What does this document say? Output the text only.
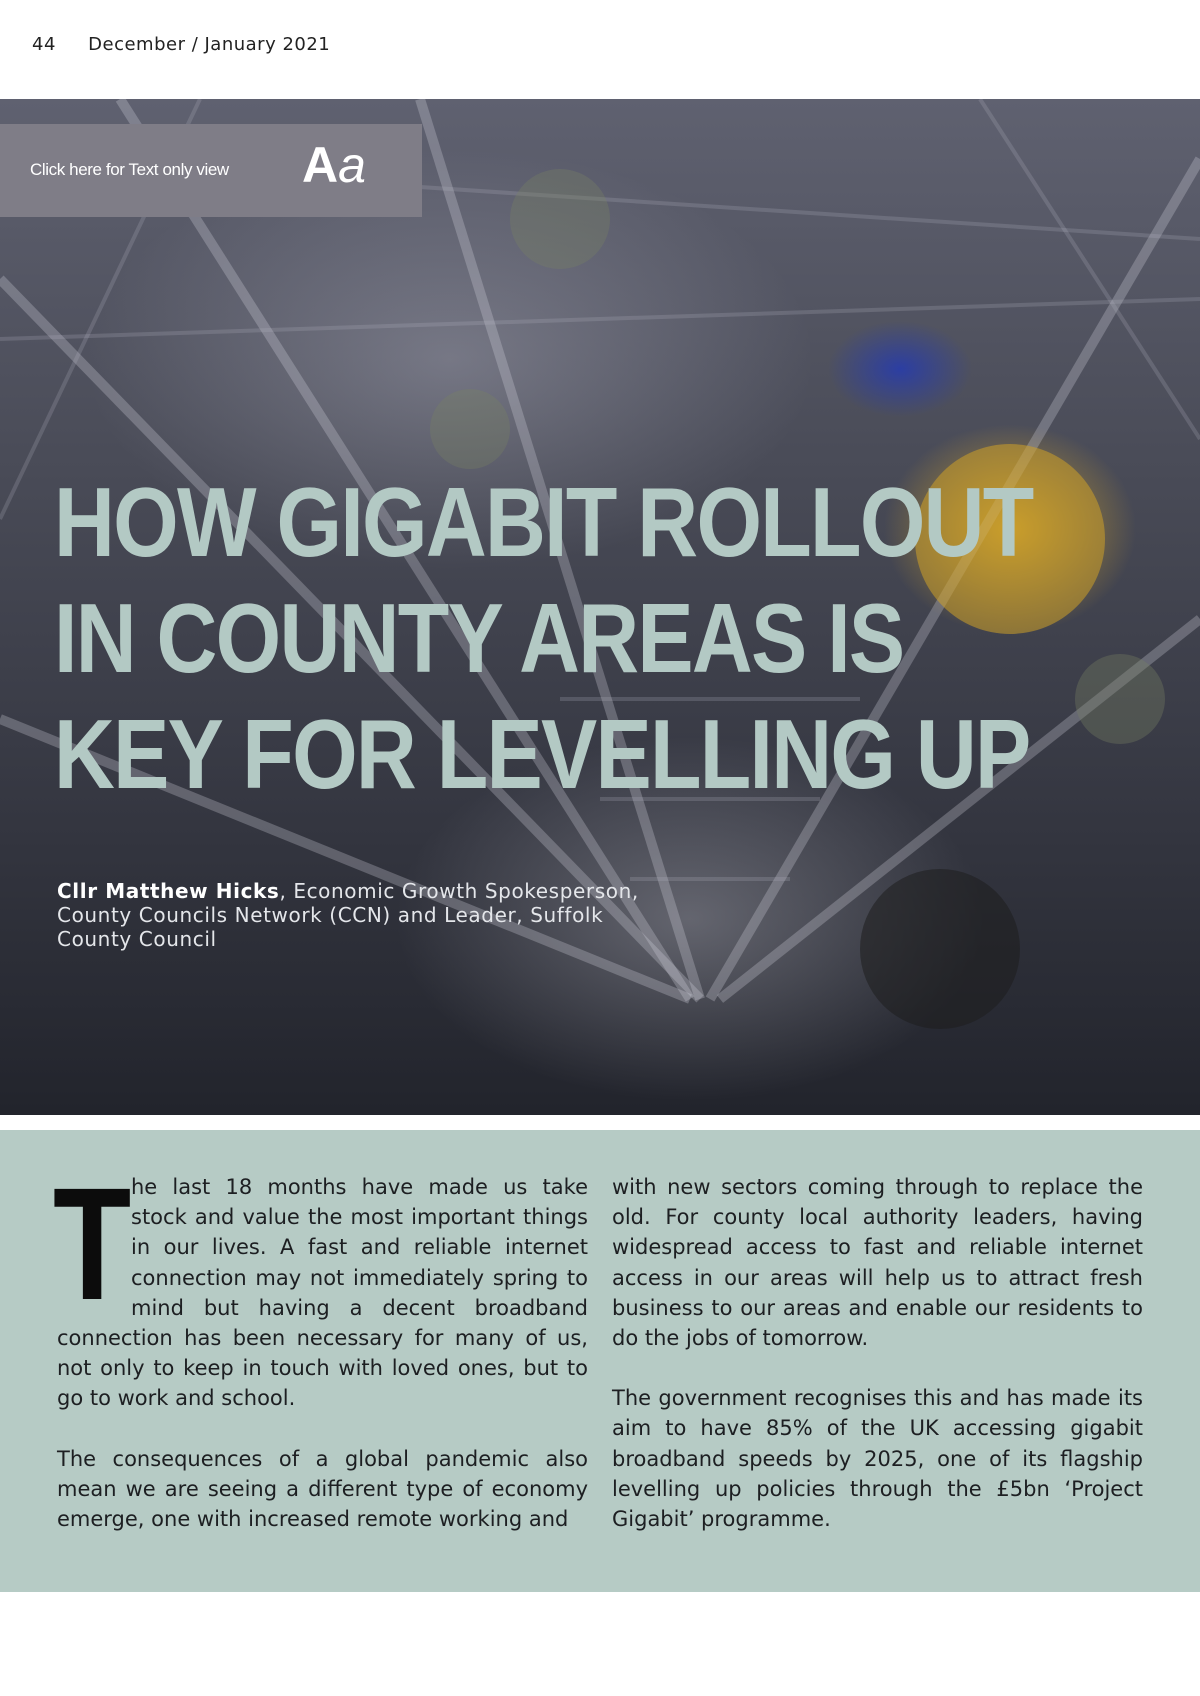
44 December / January 2021
Click here for Text only view Aa
HOW GIGABIT ROLLOUT
IN COUNTY AREAS IS
KEY FOR LEVELLING UP
Cllr Matthew Hicks, Economic Growth Spokesperson, County Councils Network (CCN) and Leader, Suffolk County Council

The last 18 months have made us take stock and value the most important things in our lives. A fast and reliable internet connection may not immediately spring to mind but having a decent broadband connection has been necessary for many of us, not only to keep in touch with loved ones, but to go to work and school.

The consequences of a global pandemic also mean we are seeing a different type of economy emerge, one with increased remote working and

with new sectors coming through to replace the old. For county local authority leaders, having widespread access to fast and reliable internet access in our areas will help us to attract fresh business to our areas and enable our residents to do the jobs of tomorrow.

The government recognises this and has made its aim to have 85% of the UK accessing gigabit broadband speeds by 2025, one of its flagship levelling up policies through the £5bn ‘Project Gigabit’ programme.
